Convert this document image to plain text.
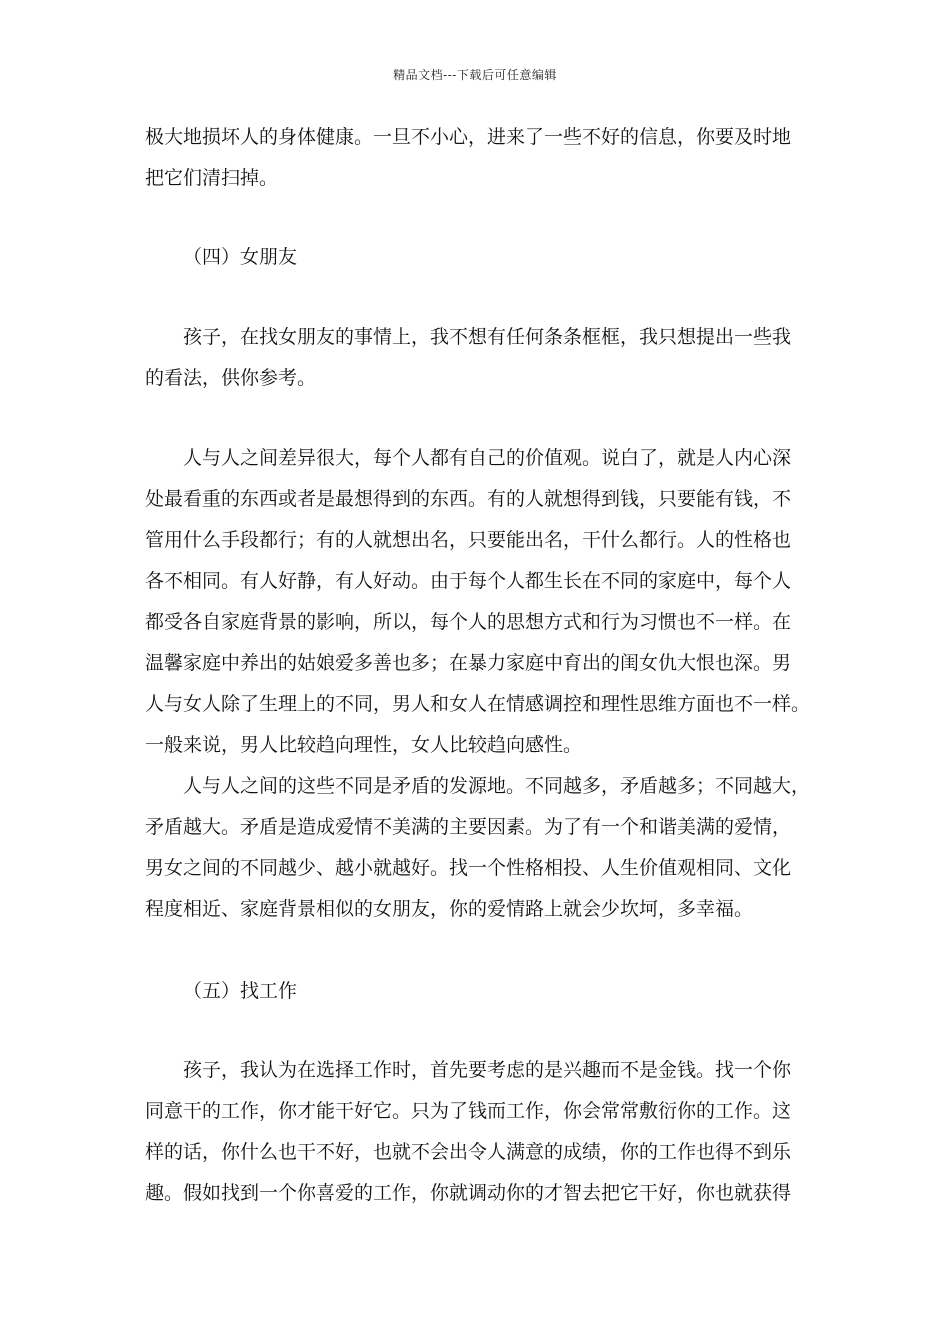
精品文档---下载后可任意编辑
极大地损坏人的身体健康。一旦不小心，进来了一些不好的信息，你要及时地
把它们清扫掉。
（四）女朋友
孩子，在找女朋友的事情上，我不想有任何条条框框，我只想提出一些我
的看法，供你参考。
人与人之间差异很大，每个人都有自己的价值观。说白了，就是人内心深
处最看重的东西或者是最想得到的东西。有的人就想得到钱，只要能有钱，不
管用什么手段都行；有的人就想出名，只要能出名，干什么都行。人的性格也
各不相同。有人好静，有人好动。由于每个人都生长在不同的家庭中，每个人
都受各自家庭背景的影响，所以，每个人的思想方式和行为习惯也不一样。在
温馨家庭中养出的姑娘爱多善也多；在暴力家庭中育出的闺女仇大恨也深。男
人与女人除了生理上的不同，男人和女人在情感调控和理性思维方面也不一样。
一般来说，男人比较趋向理性，女人比较趋向感性。
人与人之间的这些不同是矛盾的发源地。不同越多，矛盾越多；不同越大，
矛盾越大。矛盾是造成爱情不美满的主要因素。为了有一个和谐美满的爱情，
男女之间的不同越少、越小就越好。找一个性格相投、人生价值观相同、文化
程度相近、家庭背景相似的女朋友，你的爱情路上就会少坎坷，多幸福。
（五）找工作
孩子，我认为在选择工作时，首先要考虑的是兴趣而不是金钱。找一个你
同意干的工作，你才能干好它。只为了钱而工作，你会常常敷衍你的工作。这
样的话，你什么也干不好，也就不会出令人满意的成绩，你的工作也得不到乐
趣。假如找到一个你喜爱的工作，你就调动你的才智去把它干好，你也就获得
